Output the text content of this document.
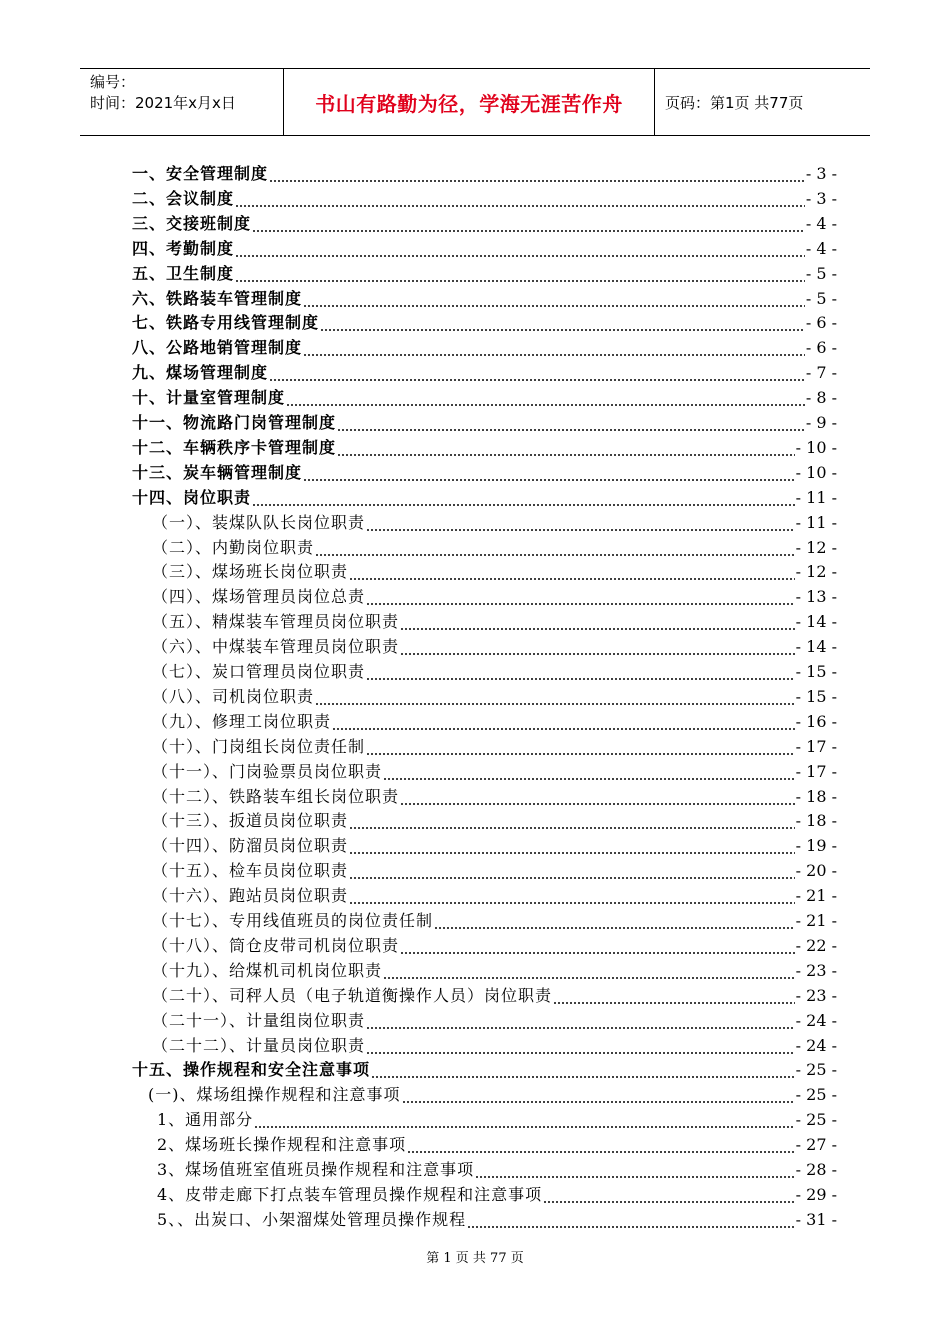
编号：
时间：2021年x月x日	书山有路勤为径，学海无涯苦作舟	页码：第1页 共77页
一、安全管理制度	- 3 -
二、会议制度	- 3 -
三、交接班制度	- 4 -
四、考勤制度	- 4 -
五、卫生制度	- 5 -
六、铁路装车管理制度	- 5 -
七、铁路专用线管理制度	- 6 -
八、公路地销管理制度	- 6 -
九、煤场管理制度	- 7 -
十、计量室管理制度	- 8 -
十一、物流路门岗管理制度	- 9 -
十二、车辆秩序卡管理制度	- 10 -
十三、炭车辆管理制度	- 10 -
十四、岗位职责	- 11 -
（一）、装煤队队长岗位职责	- 11 -
（二）、内勤岗位职责	- 12 -
（三）、煤场班长岗位职责	- 12 -
（四）、煤场管理员岗位总责	- 13 -
（五）、精煤装车管理员岗位职责	- 14 -
（六）、中煤装车管理员岗位职责	- 14 -
（七）、炭口管理员岗位职责	- 15 -
（八）、司机岗位职责	- 15 -
（九）、修理工岗位职责	- 16 -
（十）、门岗组长岗位责任制	- 17 -
（十一）、门岗验票员岗位职责	- 17 -
（十二）、铁路装车组长岗位职责	- 18 -
（十三）、扳道员岗位职责	- 18 -
（十四）、防溜员岗位职责	- 19 -
（十五）、检车员岗位职责	- 20 -
（十六）、跑站员岗位职责	- 21 -
（十七）、专用线值班员的岗位责任制	- 21 -
（十八）、筒仓皮带司机岗位职责	- 22 -
（十九）、给煤机司机岗位职责	- 23 -
（二十）、司秤人员（电子轨道衡操作人员）岗位职责	- 23 -
（二十一）、计量组岗位职责	- 24 -
（二十二）、计量员岗位职责	- 24 -
十五、操作规程和安全注意事项	- 25 -
(一)、煤场组操作规程和注意事项	- 25 -
1、通用部分	- 25 -
2、煤场班长操作规程和注意事项	- 27 -
3、煤场值班室值班员操作规程和注意事项	- 28 -
4、皮带走廊下打点装车管理员操作规程和注意事项	- 29 -
5、、出炭口、小架溜煤处管理员操作规程	- 31 -
第 1 页 共 77 页
